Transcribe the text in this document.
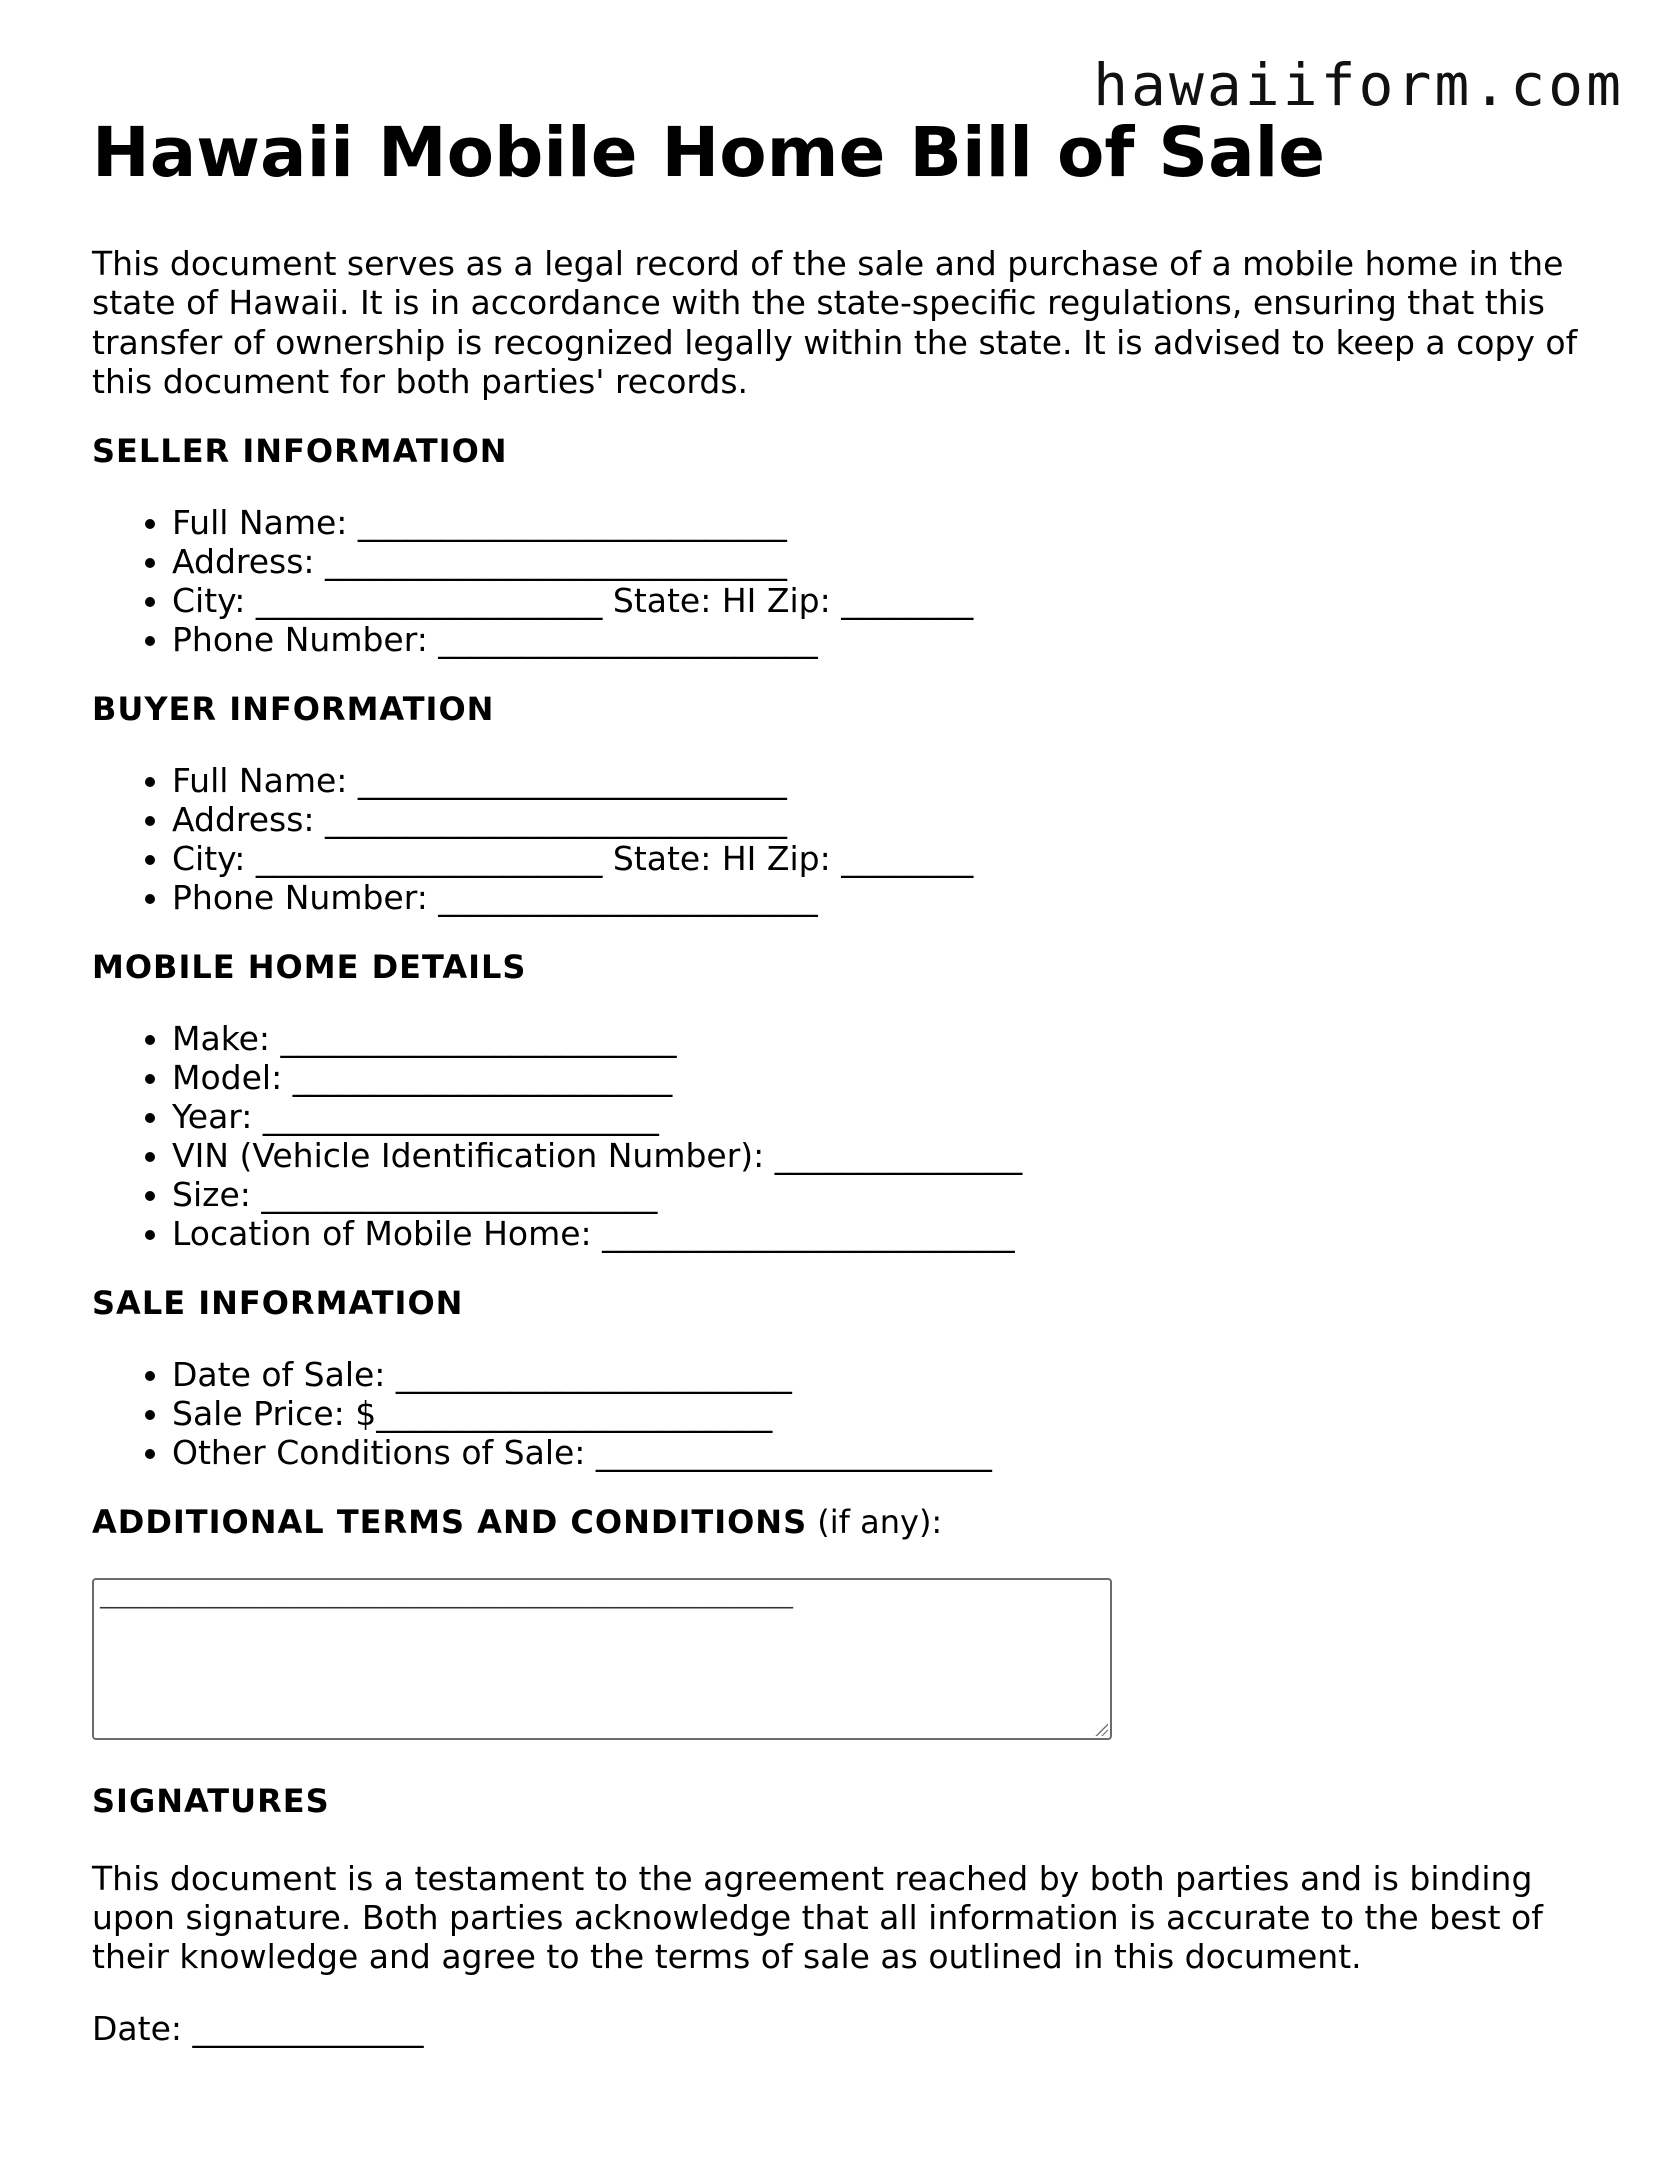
hawaiiform.com
Hawaii Mobile Home Bill of Sale

This document serves as a legal record of the sale and purchase of a mobile home in the state of Hawaii. It is in accordance with the state-specific regulations, ensuring that this transfer of ownership is recognized legally within the state. It is advised to keep a copy of this document for both parties' records.

SELLER INFORMATION
• Full Name: __________________________
• Address: ____________________________
• City: _____________________ State: HI Zip: ________
• Phone Number: _______________________
BUYER INFORMATION
• Full Name: __________________________
• Address: ____________________________
• City: _____________________ State: HI Zip: ________
• Phone Number: _______________________
MOBILE HOME DETAILS
• Make: ________________________
• Model: _______________________
• Year: ________________________
• VIN (Vehicle Identification Number): _______________
• Size: ________________________
• Location of Mobile Home: _________________________
SALE INFORMATION
• Date of Sale: ________________________
• Sale Price: $________________________
• Other Conditions of Sale: ________________________
ADDITIONAL TERMS AND CONDITIONS (if any):
_______________________________________________________________
SIGNATURES

This document is a testament to the agreement reached by both parties and is binding upon signature. Both parties acknowledge that all information is accurate to the best of their knowledge and agree to the terms of sale as outlined in this document.

Date: ______________
